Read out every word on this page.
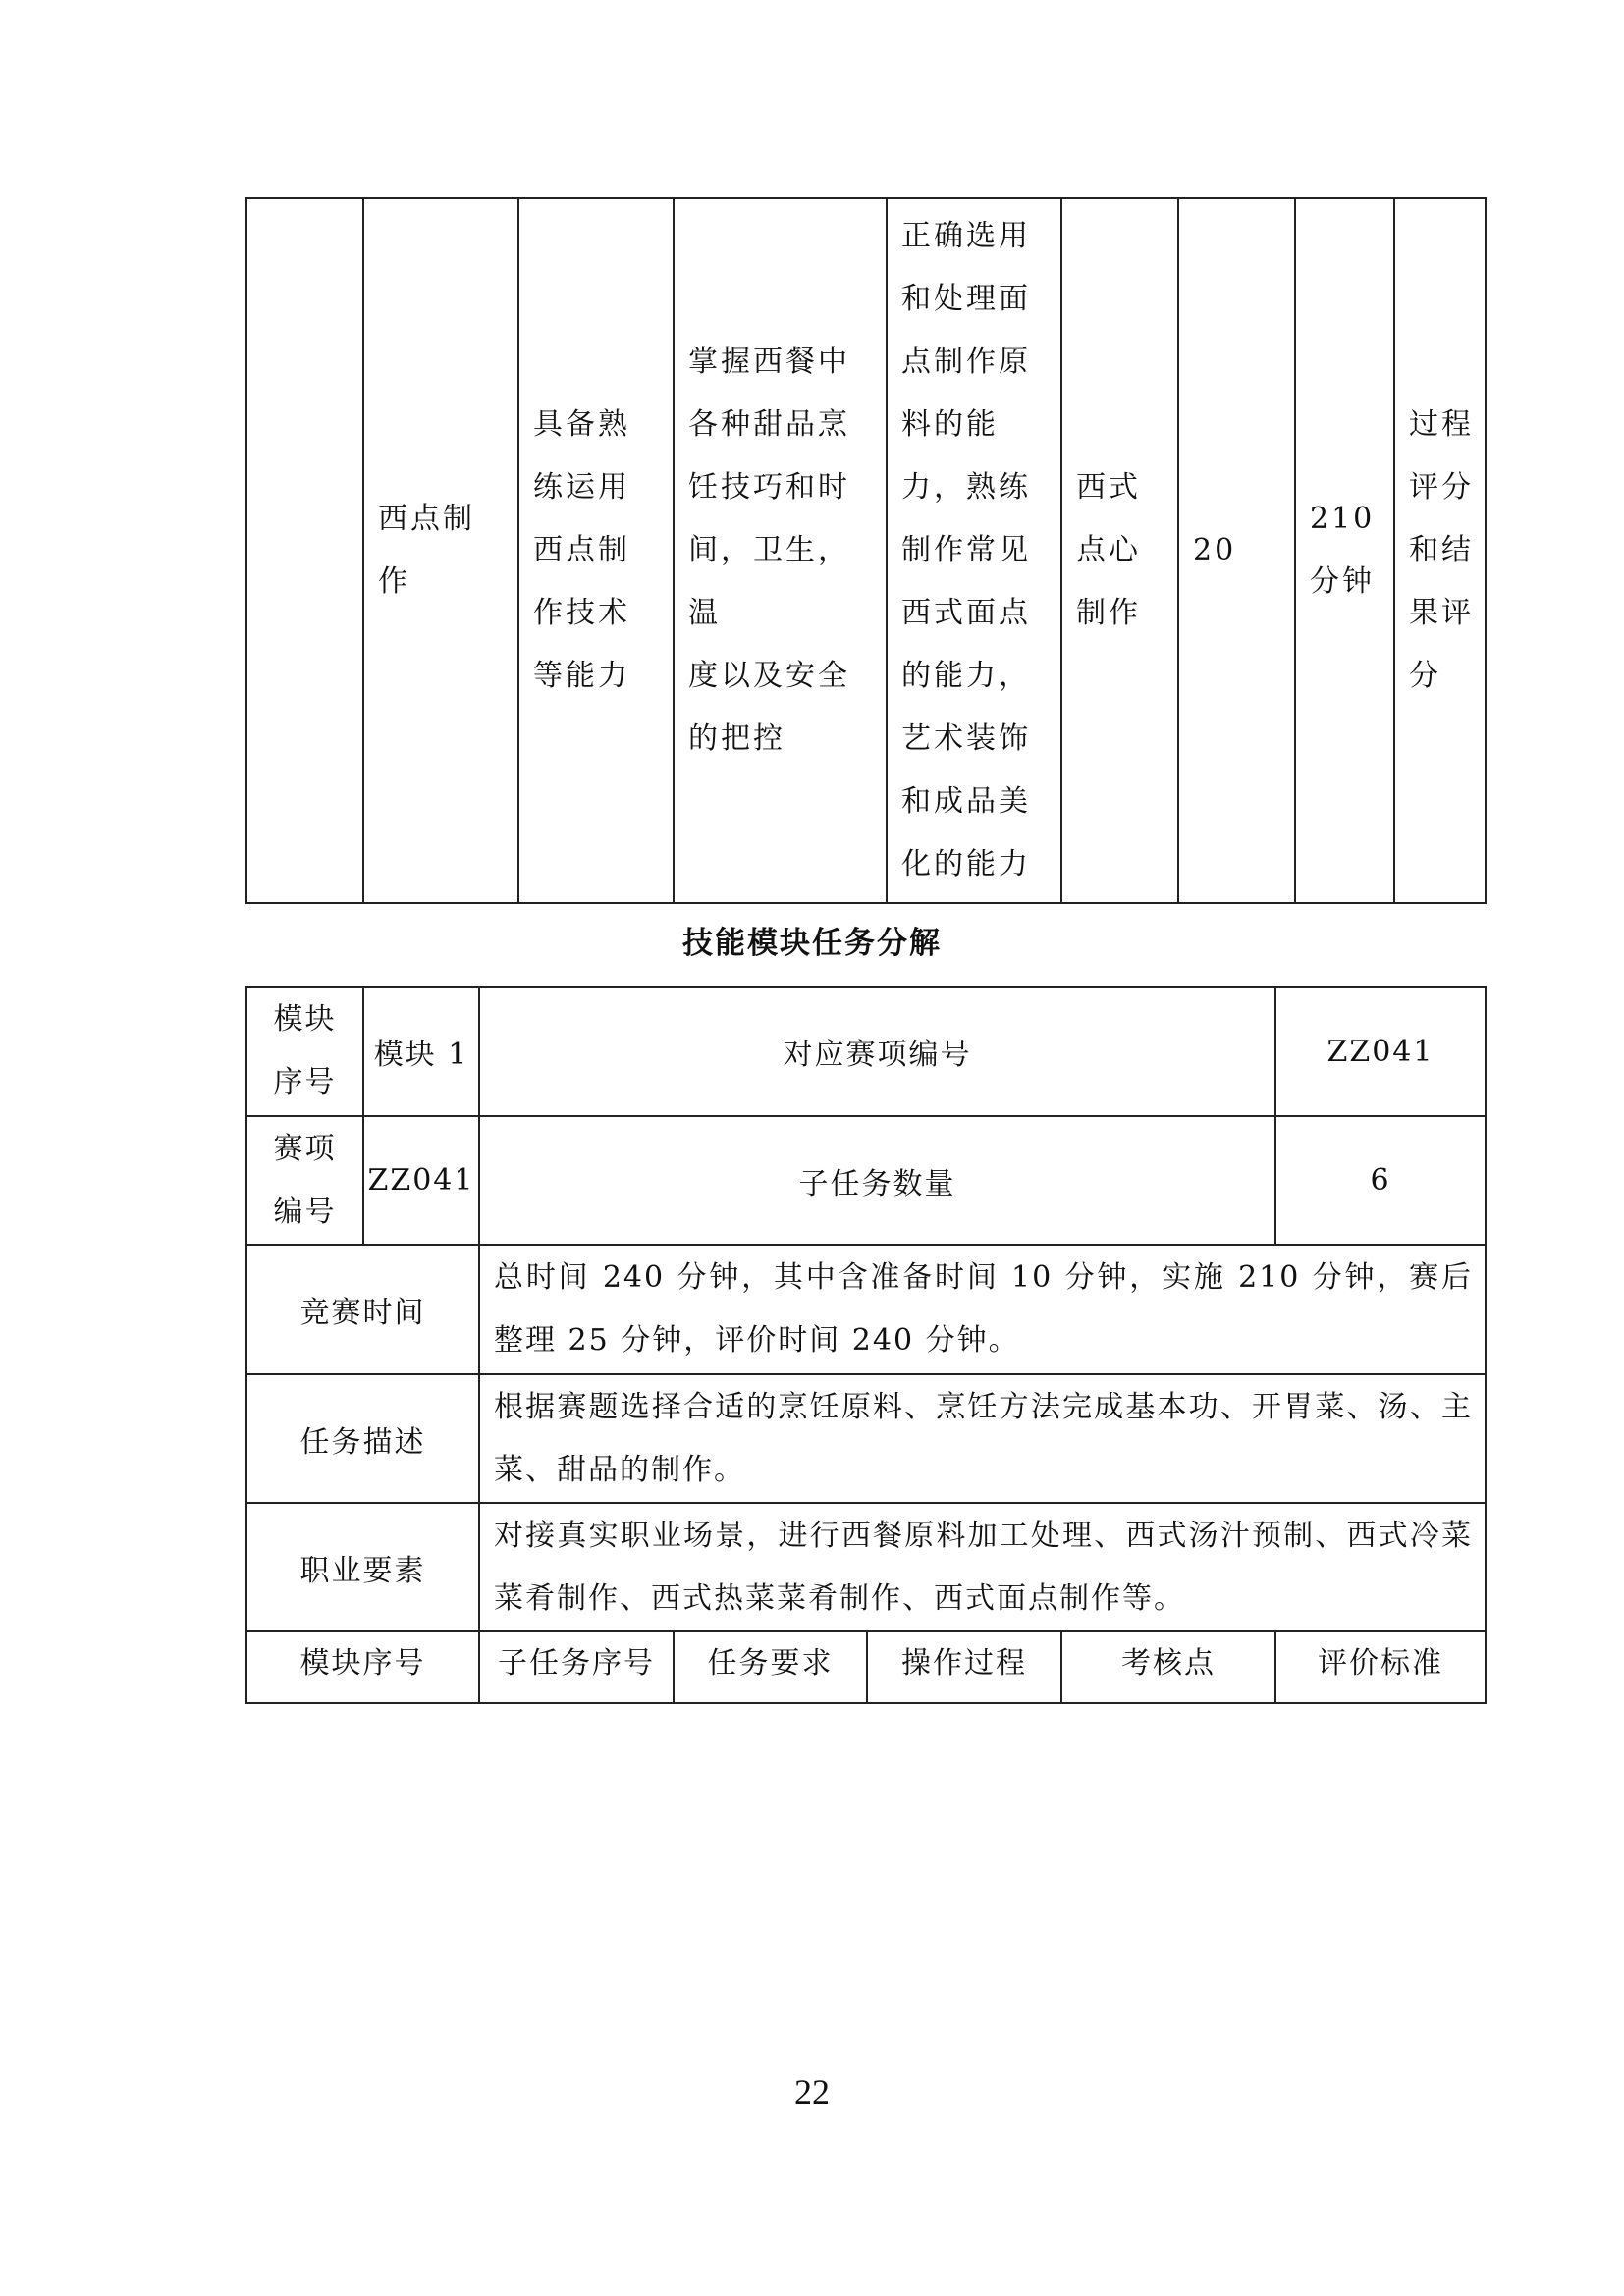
	西点制
作	具备熟
练运用
西点制
作技术
等能力	掌握西餐中
各种甜品烹
饪技巧和时
间，卫生，温
度以及安全
的把控	正确选用
和处理面
点制作原
料的能
力，熟练
制作常见
西式面点
的能力，
艺术装饰
和成品美
化的能力	西式
点心
制作	20	210
分钟	过程
评分
和结
果评
分
技能模块任务分解
模块
序号	模块 1	对应赛项编号				ZZ041
赛项
编号	ZZ041	子任务数量				6
竞赛时间		总时间 240 分钟，其中含准备时间 10 分钟，实施 210 分钟，赛后整理 25 分钟，评价时间 240 分钟。				
任务描述		根据赛题选择合适的烹饪原料、烹饪方法完成基本功、开胃菜、汤、主菜、甜品的制作。				
职业要素		对接真实职业场景，进行西餐原料加工处理、西式汤汁预制、西式冷菜菜肴制作、西式热菜菜肴制作、西式面点制作等。				
模块序号		子任务序号	任务要求	操作过程	考核点	评价标准
22
